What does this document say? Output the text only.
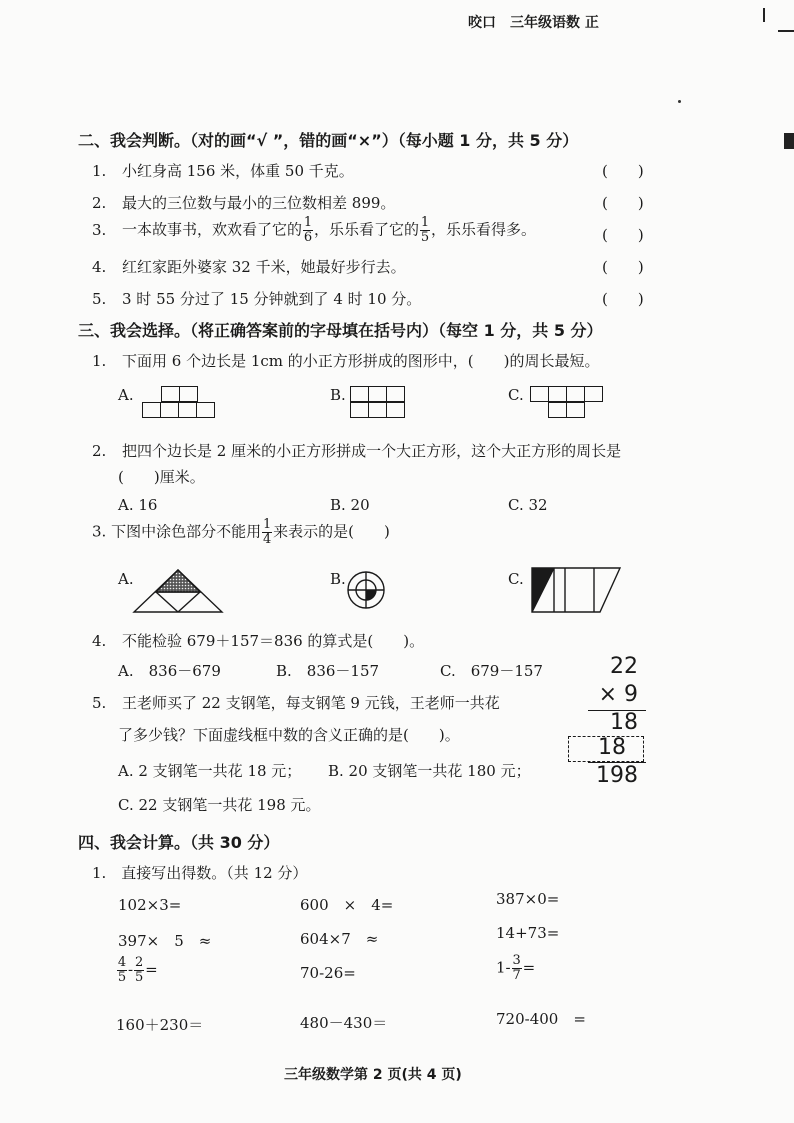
咬口　三年级语数 正
二、我会判断。（对的画“√ ”，错的画“×”）（每小题 1 分，共 5 分）
1. 小红身高 156 米，体重 50 千克。	(　　)
2. 最大的三位数与最小的三位数相差 899。	(　　)
3. 一本故事书，欢欢看了它的 $\frac{1}{6}$ ，乐乐看了它的 $\frac{1}{5}$ ，乐乐看得多。	(　　)
4. 红红家距外婆家 32 千米，她最好步行去。	(　　)
5. 3 时 55 分过了 15 分钟就到了 4 时 10 分。	(　　)
三、我会选择。（将正确答案前的字母填在括号内）（每空 1 分，共 5 分）
1. 下面用 6 个边长是 1cm 的小正方形拼成的图形中，(　　)的周长最短。
A.	B.	C.
2. 把四个边长是 2 厘米的小正方形拼成一个大正方形，这个大正方形的周长是
(　　)厘米。
A. 16	B. 20	C. 32
3. 下图中涂色部分不能用 $\frac{1}{4}$ 来表示的是(　　)
A.	B.	C.
4. 不能检验 679＋157＝836 的算式是(　　)。
A.　836－679	B.　836－157	C.　679－157
5. 王老师买了 22 支钢笔，每支钢笔 9 元钱，王老师一共花
了多少钱？下面虚线框中数的含义正确的是(　　)。
A. 2 支钢笔一共花 18 元； B. 20 支钢笔一共花 180 元；
C. 22 支钢笔一共花 198 元。
22
× 9
18
18
198
四、我会计算。（共 30 分）
1.　直接写出得数。（共 12 分）
102×3=	600　×　4=	387×0=
397×　5　≈	604×7　≈	14+73=
$\frac{4}{5} - \frac{2}{5}$ =	70-26=	$1- \frac{3}{7}$ =
160＋230＝	480－430＝	720-400　=
三年级数学第 2 页(共 4 页)
